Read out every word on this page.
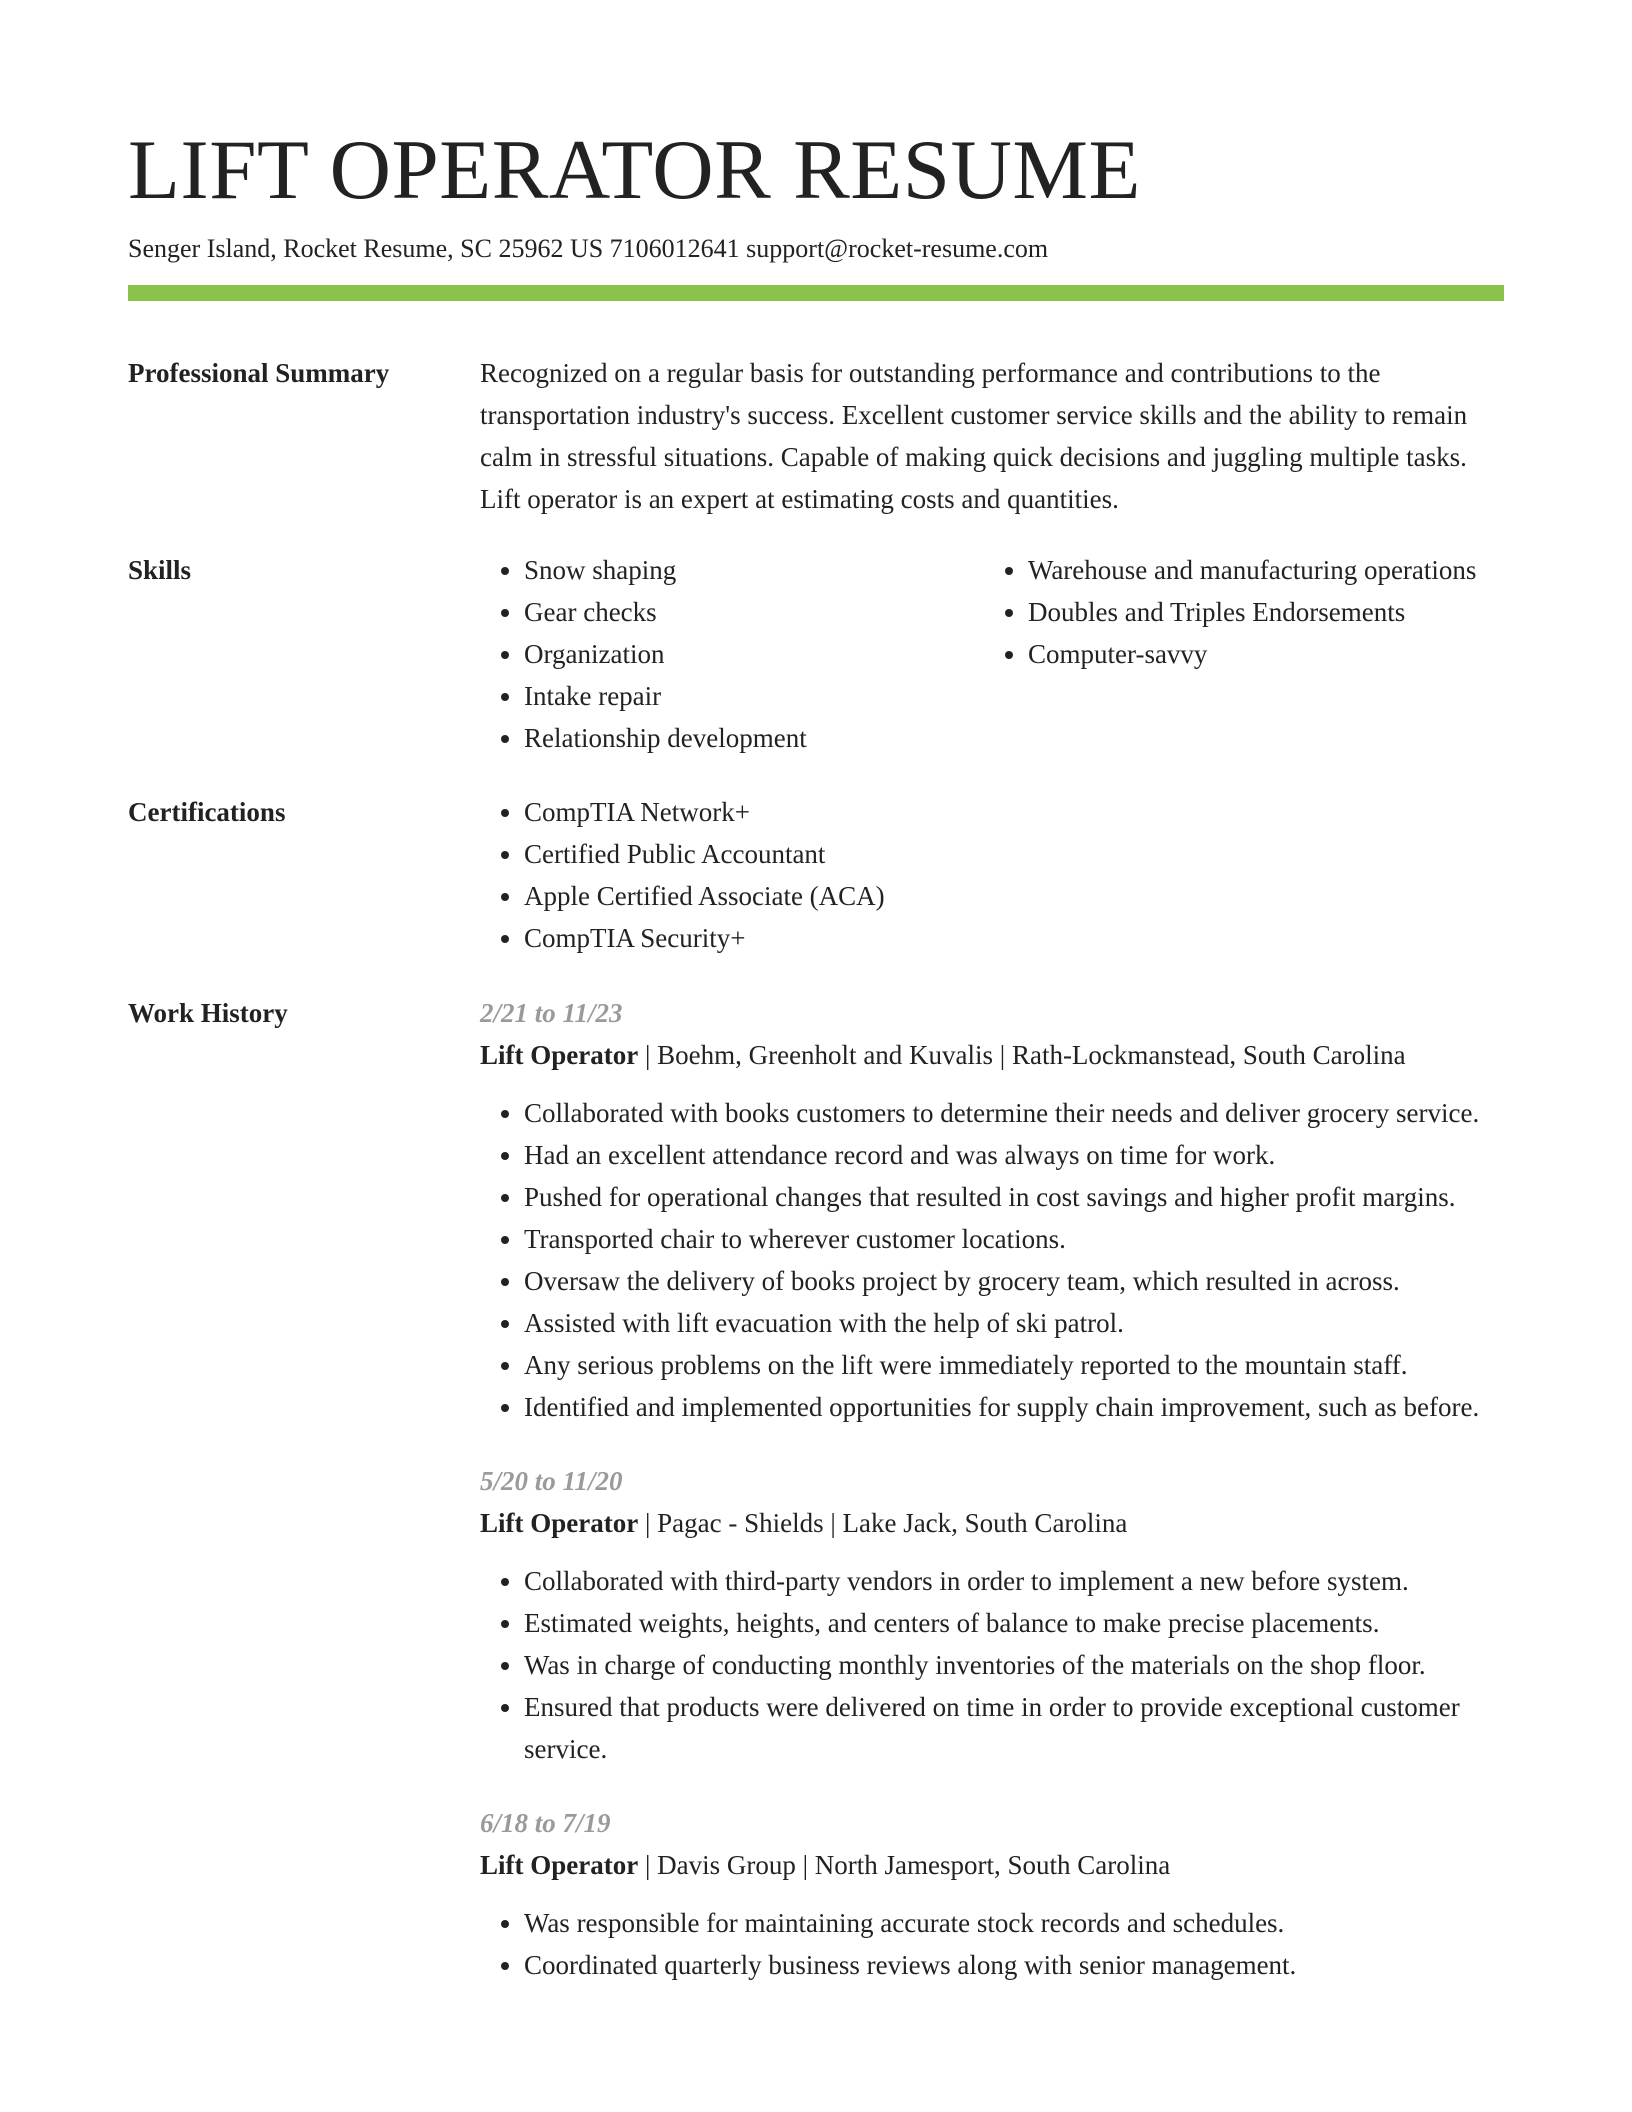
LIFT OPERATOR RESUME
Senger Island, Rocket Resume, SC 25962 US 7106012641 support@rocket-resume.com
Professional Summary	Recognized on a regular basis for outstanding performance and contributions to the transportation industry's success. Excellent customer service skills and the ability to remain calm in stressful situations. Capable of making quick decisions and juggling multiple tasks. Lift operator is an expert at estimating costs and quantities.

Skills	• Snow shaping
• Gear checks
• Organization
• Intake repair
• Relationship development
• Warehouse and manufacturing operations
• Doubles and Triples Endorsements
• Computer-savvy
Certifications	• CompTIA Network+
• Certified Public Accountant
• Apple Certified Associate (ACA)
• CompTIA Security+
Work History	2/21 to 11/23
Lift Operator | Boehm, Greenholt and Kuvalis | Rath-Lockmanstead, South Carolina
• Collaborated with books customers to determine their needs and deliver grocery service.
• Had an excellent attendance record and was always on time for work.
• Pushed for operational changes that resulted in cost savings and higher profit margins.
• Transported chair to wherever customer locations.
• Oversaw the delivery of books project by grocery team, which resulted in across.
• Assisted with lift evacuation with the help of ski patrol.
• Any serious problems on the lift were immediately reported to the mountain staff.
• Identified and implemented opportunities for supply chain improvement, such as before.
5/20 to 11/20
Lift Operator | Pagac - Shields | Lake Jack, South Carolina
• Collaborated with third-party vendors in order to implement a new before system.
• Estimated weights, heights, and centers of balance to make precise placements.
• Was in charge of conducting monthly inventories of the materials on the shop floor.
• Ensured that products were delivered on time in order to provide exceptional customer service.
6/18 to 7/19
Lift Operator | Davis Group | North Jamesport, South Carolina
• Was responsible for maintaining accurate stock records and schedules.
• Coordinated quarterly business reviews along with senior management.
